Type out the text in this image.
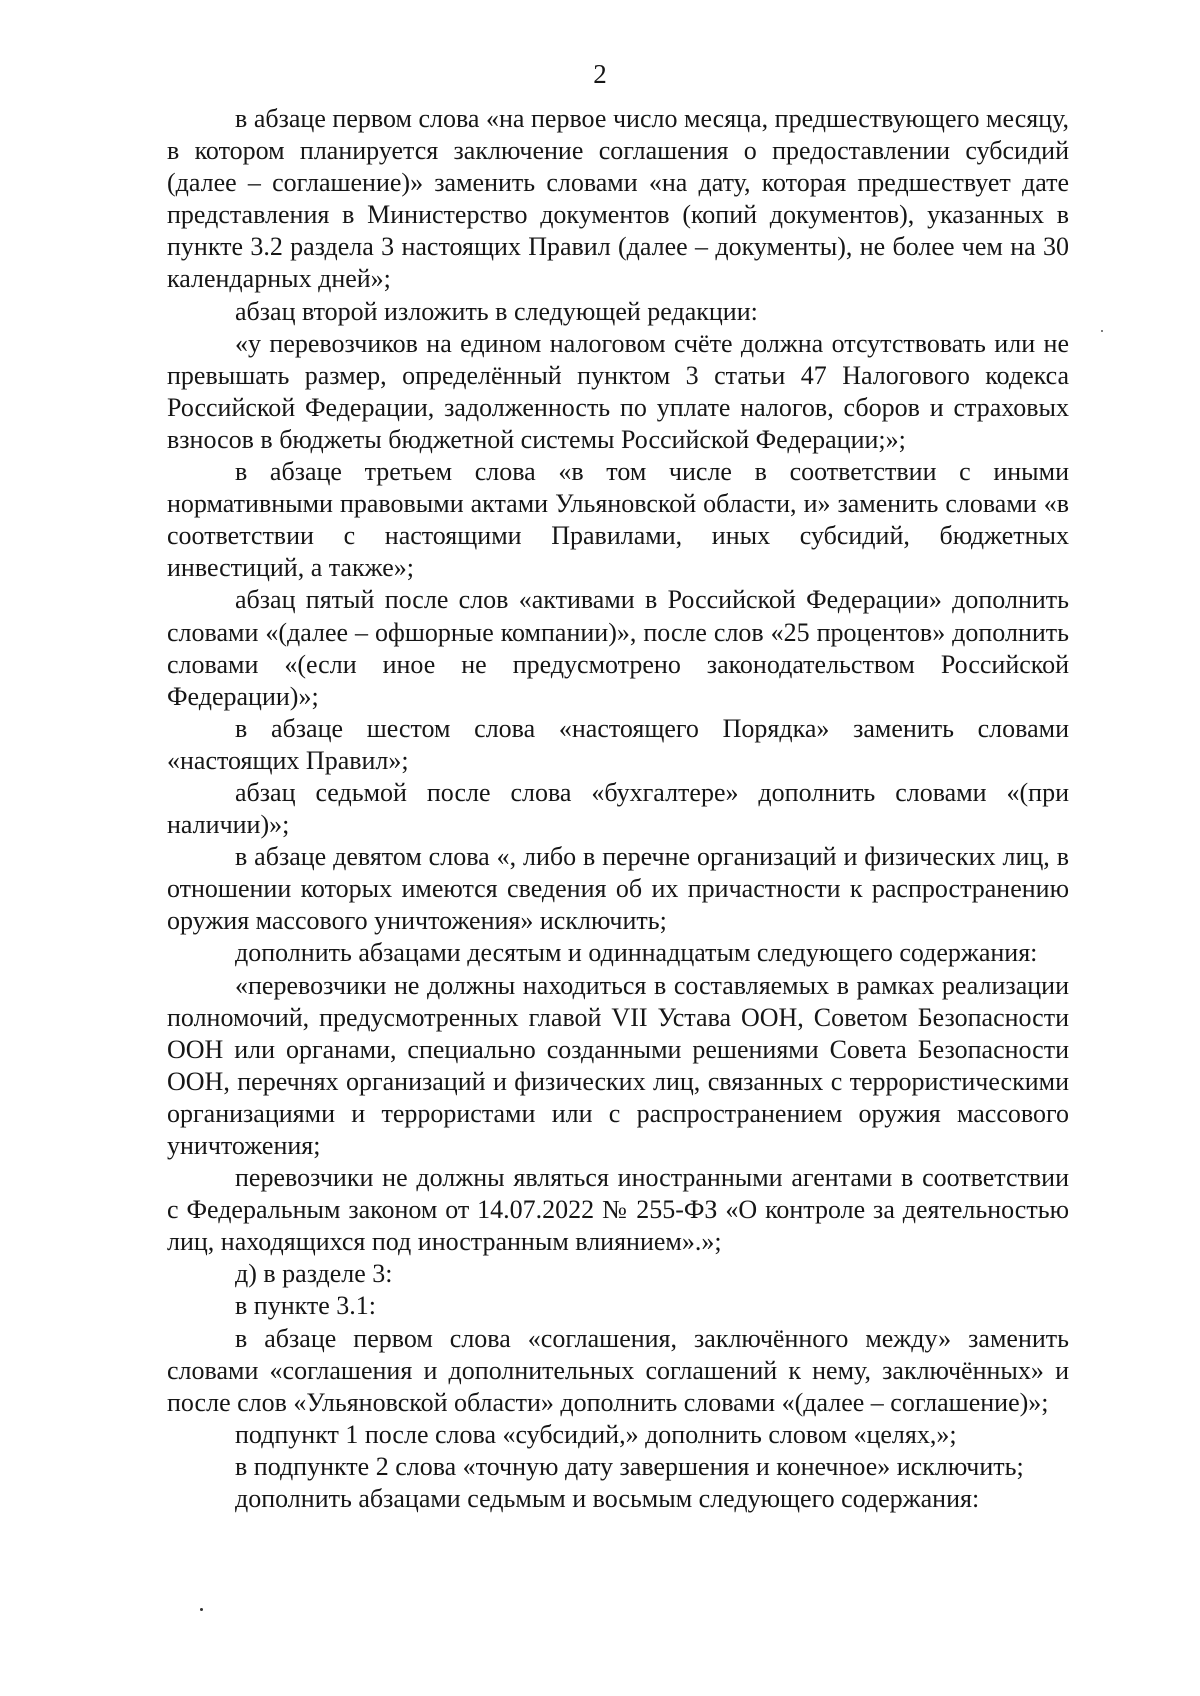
2

в абзаце первом слова «на первое число месяца, предшествующего месяцу, в котором планируется заключение соглашения о предоставлении субсидий (далее – соглашение)» заменить словами «на дату, которая предшествует дате представления в Министерство документов (копий документов), указанных в пункте 3.2 раздела 3 настоящих Правил (далее – документы), не более чем на 30 календарных дней»;

абзац второй изложить в следующей редакции:

«у перевозчиков на едином налоговом счёте должна отсутствовать или не превышать размер, определённый пунктом 3 статьи 47 Налогового кодекса Российской Федерации, задолженность по уплате налогов, сборов и страховых взносов в бюджеты бюджетной системы Российской Федерации;»;

в абзаце третьем слова «в том числе в соответствии с иными нормативными правовыми актами Ульяновской области, и» заменить словами «в соответствии с настоящими Правилами, иных субсидий, бюджетных инвестиций, а также»;

абзац пятый после слов «активами в Российской Федерации» дополнить словами «(далее – офшорные компании)», после слов «25 процентов» дополнить словами «(если иное не предусмотрено законодательством Российской Федерации)»;

в абзаце шестом слова «настоящего Порядка» заменить словами «настоящих Правил»;

абзац седьмой после слова «бухгалтере» дополнить словами «(при наличии)»;

в абзаце девятом слова «, либо в перечне организаций и физических лиц, в отношении которых имеются сведения об их причастности к распространению оружия массового уничтожения» исключить;

дополнить абзацами десятым и одиннадцатым следующего содержания:

«перевозчики не должны находиться в составляемых в рамках реализации полномочий, предусмотренных главой VII Устава ООН, Советом Безопасности ООН или органами, специально созданными решениями Совета Безопасности ООН, перечнях организаций и физических лиц, связанных с террористическими организациями и террористами или с распространением оружия массового уничтожения;

перевозчики не должны являться иностранными агентами в соответствии с Федеральным законом от 14.07.2022 № 255-ФЗ «О контроле за деятельностью лиц, находящихся под иностранным влиянием».»;

д) в разделе 3:

в пункте 3.1:

в абзаце первом слова «соглашения, заключённого между» заменить словами «соглашения и дополнительных соглашений к нему, заключённых» и после слов «Ульяновской области» дополнить словами «(далее – соглашение)»;

подпункт 1 после слова «субсидий,» дополнить словом «целях,»;

в подпункте 2 слова «точную дату завершения и конечное» исключить;

дополнить абзацами седьмым и восьмым следующего содержания:
